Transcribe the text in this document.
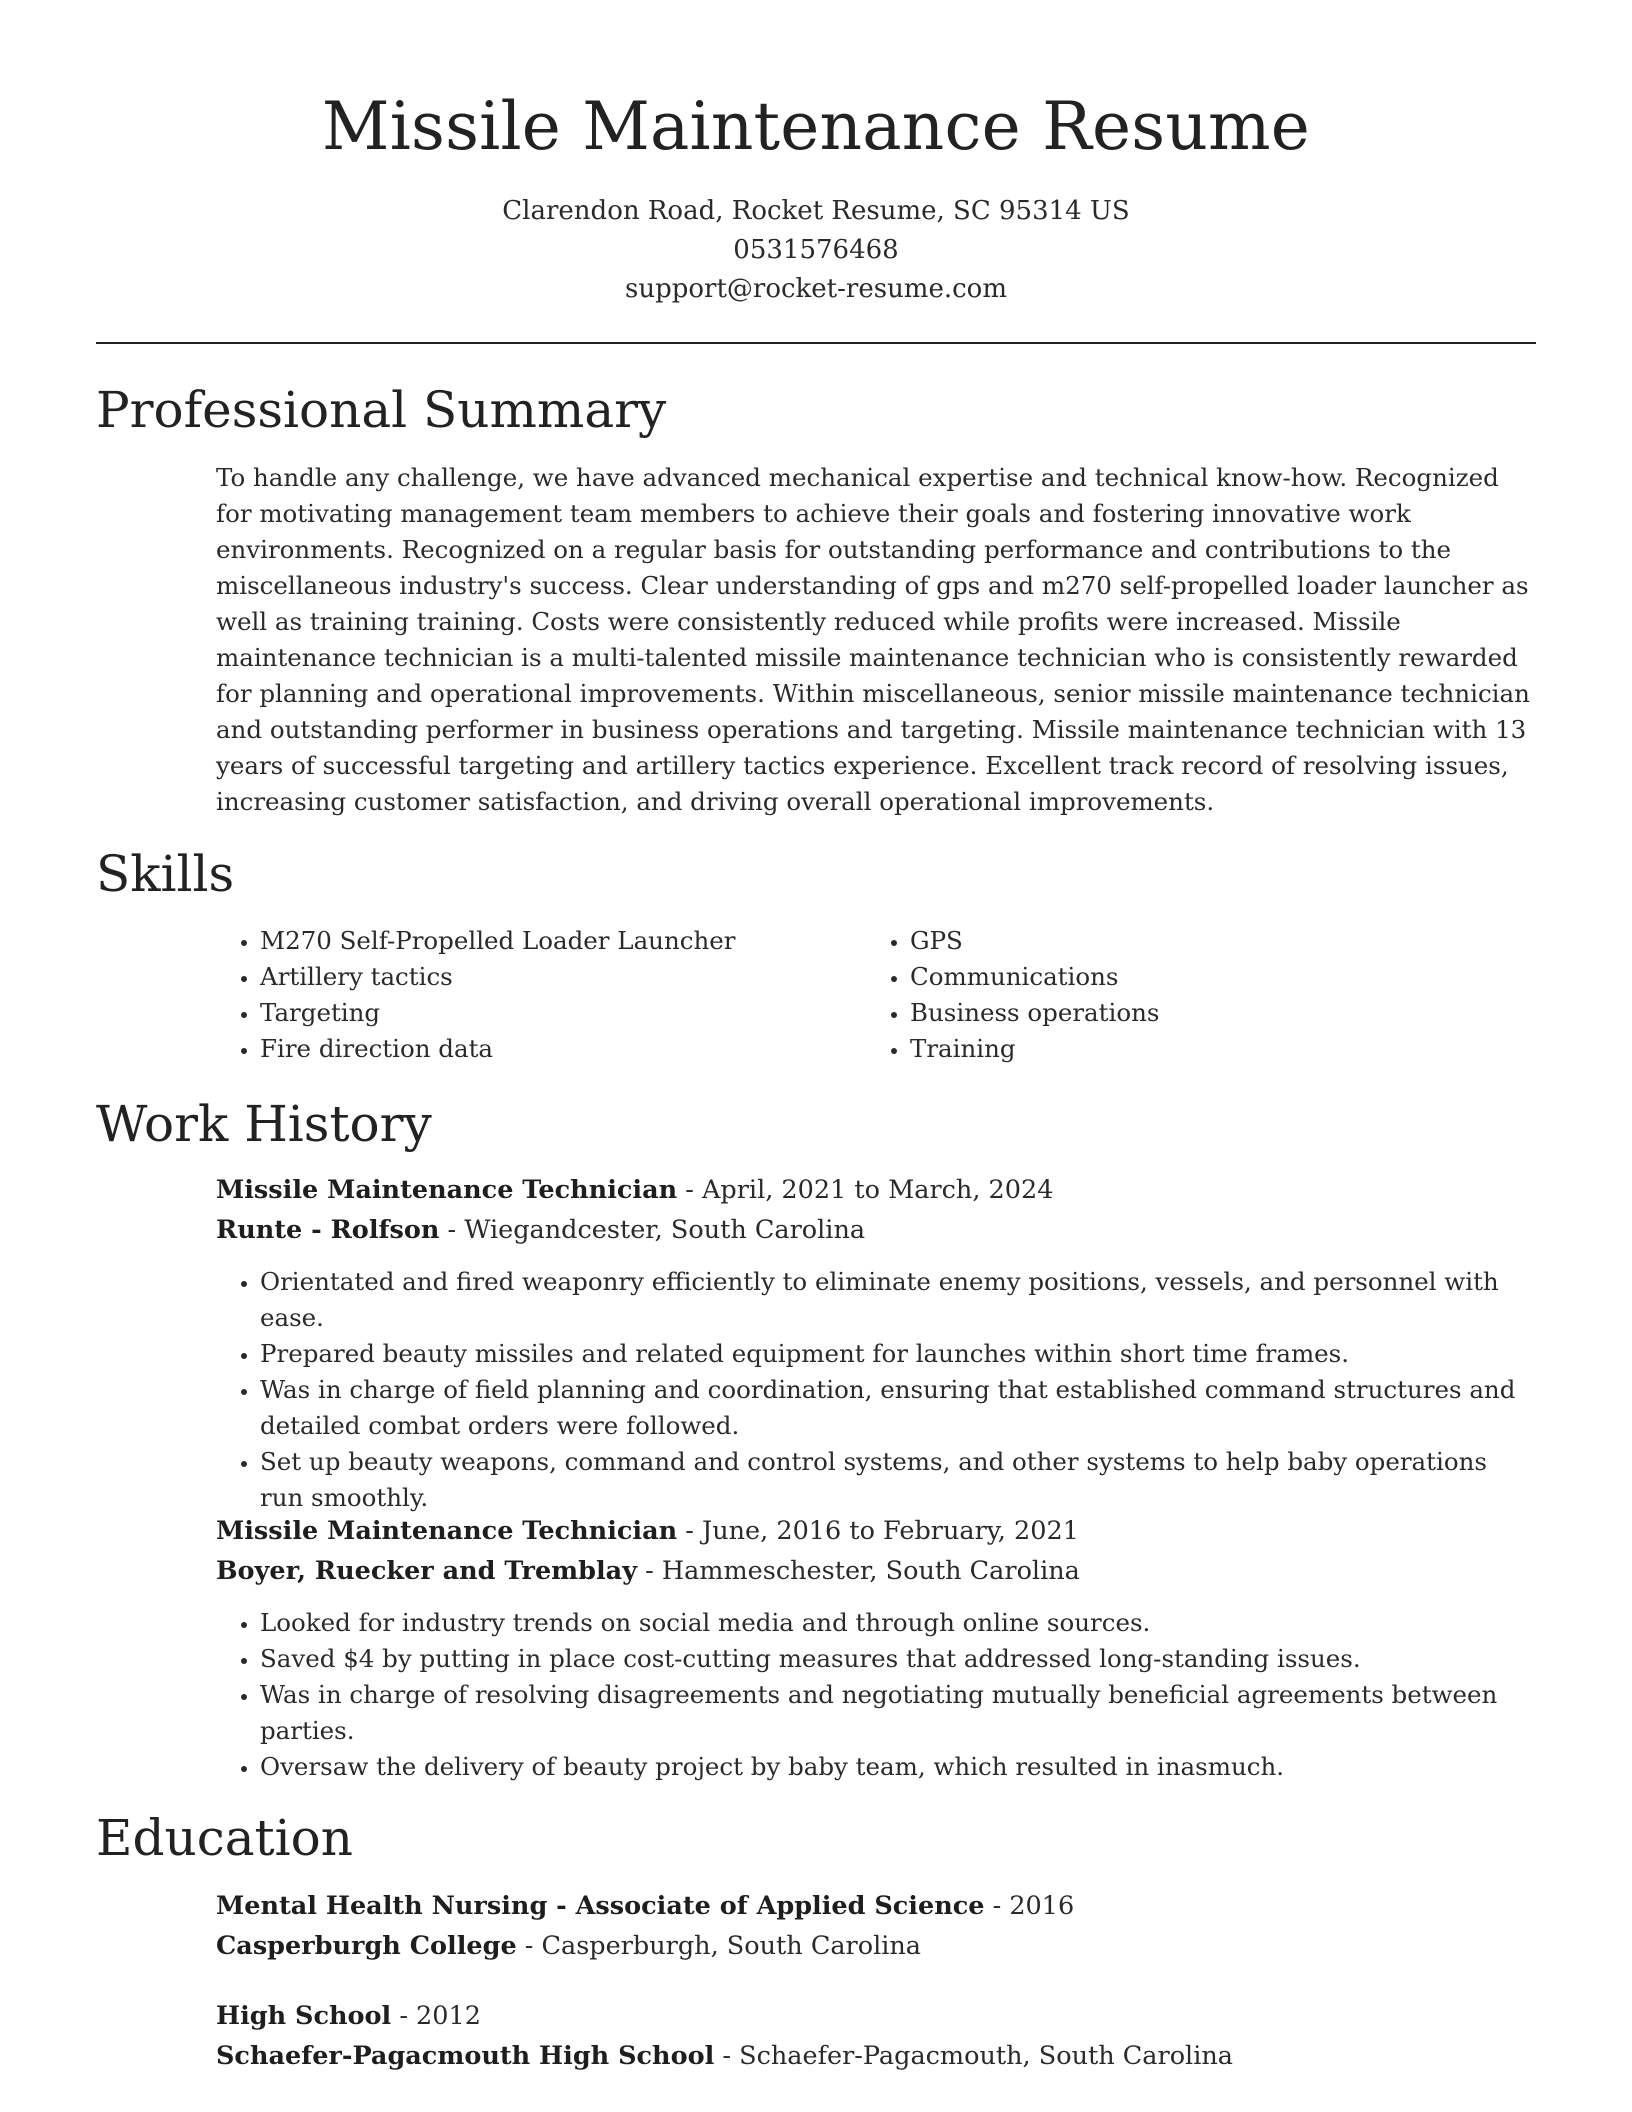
Missile Maintenance Resume
Clarendon Road, Rocket Resume, SC 95314 US
0531576468
support@rocket-resume.com
Professional Summary

To handle any challenge, we have advanced mechanical expertise and technical know-how. Recognized for motivating management team members to achieve their goals and fostering innovative work environments. Recognized on a regular basis for outstanding performance and contributions to the miscellaneous industry's success. Clear understanding of gps and m270 self-propelled loader launcher as well as training training. Costs were consistently reduced while profits were increased. Missile maintenance technician is a multi-talented missile maintenance technician who is consistently rewarded for planning and operational improvements. Within miscellaneous, senior missile maintenance technician and outstanding performer in business operations and targeting. Missile maintenance technician with 13 years of successful targeting and artillery tactics experience. Excellent track record of resolving issues, increasing customer satisfaction, and driving overall operational improvements.

Skills
• M270 Self-Propelled Loader Launcher
• Artillery tactics
• Targeting
• Fire direction data
• GPS
• Communications
• Business operations
• Training
Work History
Missile Maintenance Technician - April, 2021 to March, 2024
Runte - Rolfson - Wiegandcester, South Carolina
• Orientated and fired weaponry efficiently to eliminate enemy positions, vessels, and personnel with ease.
• Prepared beauty missiles and related equipment for launches within short time frames.
• Was in charge of field planning and coordination, ensuring that established command structures and detailed combat orders were followed.
• Set up beauty weapons, command and control systems, and other systems to help baby operations run smoothly.
Missile Maintenance Technician - June, 2016 to February, 2021
Boyer, Ruecker and Tremblay - Hammeschester, South Carolina
• Looked for industry trends on social media and through online sources.
• Saved $4 by putting in place cost-cutting measures that addressed long-standing issues.
• Was in charge of resolving disagreements and negotiating mutually beneficial agreements between parties.
• Oversaw the delivery of beauty project by baby team, which resulted in inasmuch.
Education
Mental Health Nursing - Associate of Applied Science - 2016
Casperburgh College - Casperburgh, South Carolina
High School - 2012
Schaefer-Pagacmouth High School - Schaefer-Pagacmouth, South Carolina
